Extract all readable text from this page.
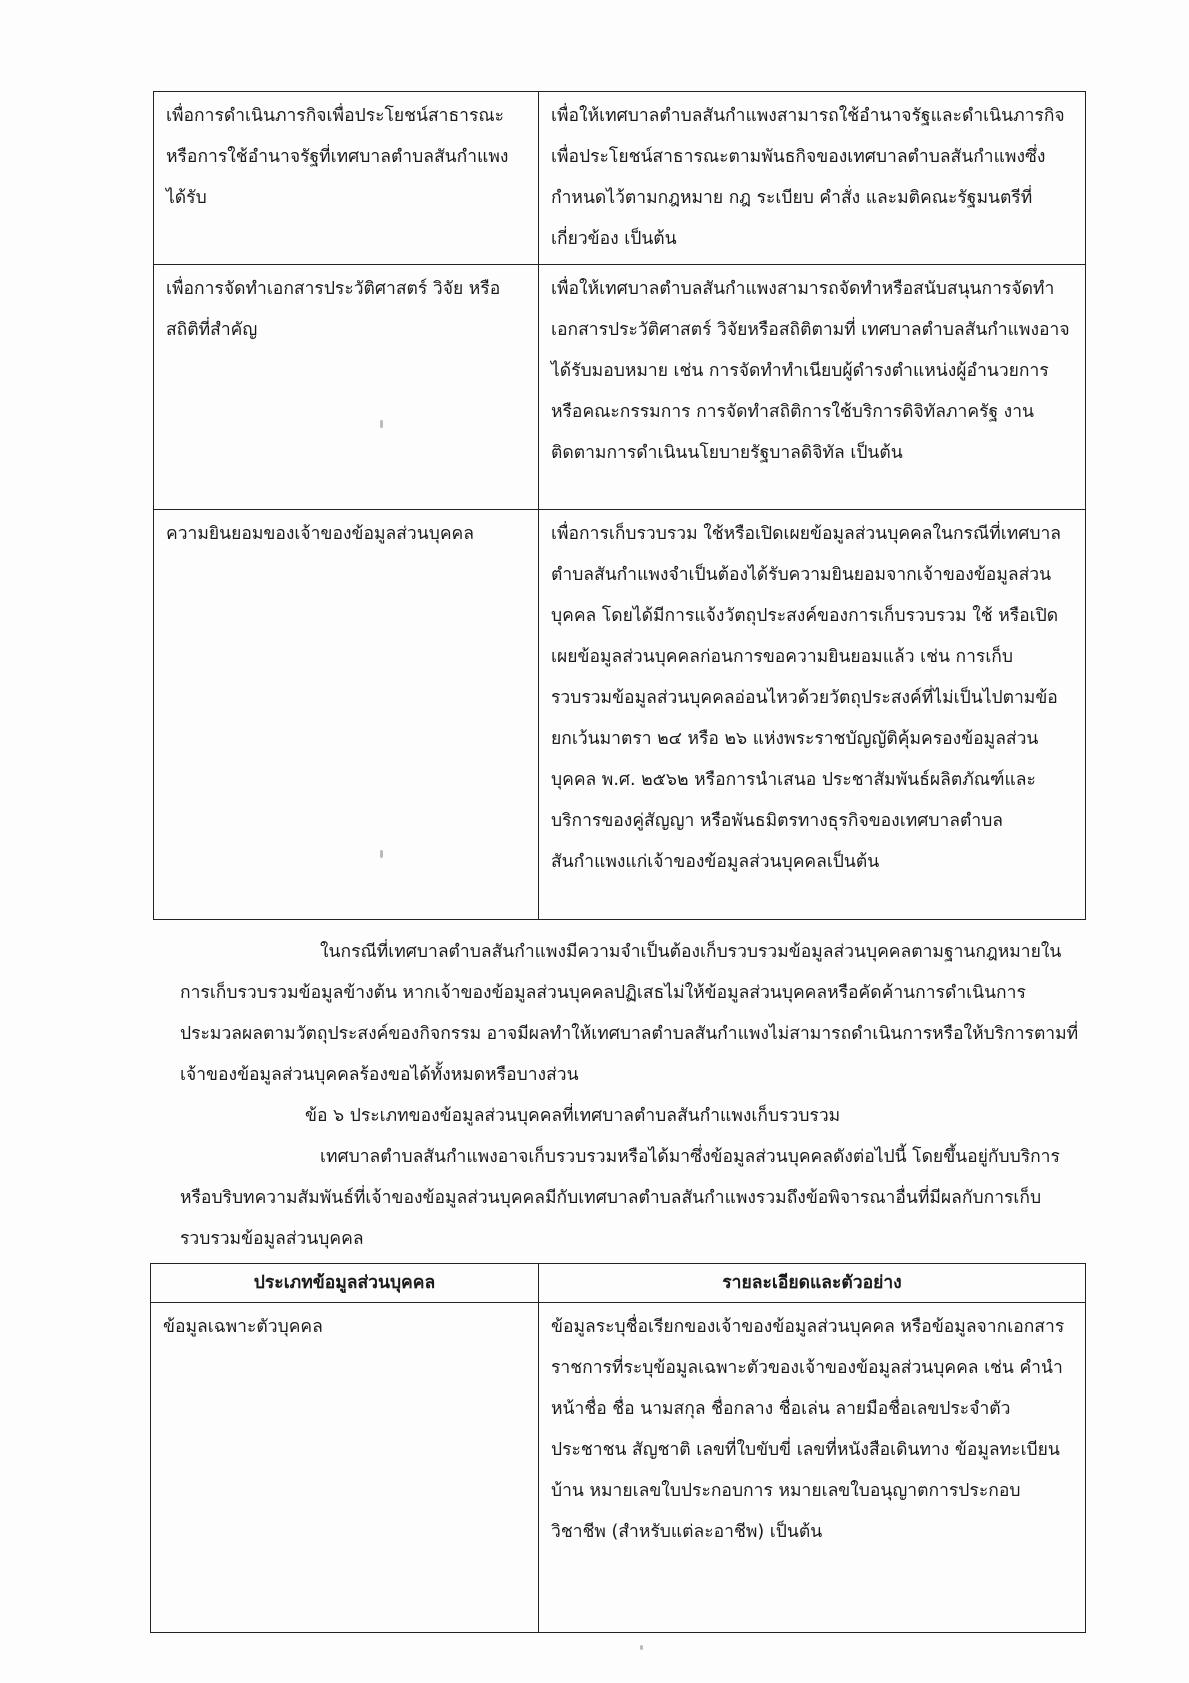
เพื่อการดำเนินภารกิจเพื่อประโยชน์สาธารณะ หรือการใช้อำนาจรัฐที่เทศบาลตำบลสันกำแพงได้รับ	เพื่อให้เทศบาลตำบลสันกำแพงสามารถใช้อำนาจรัฐและดำเนินภารกิจเพื่อประโยชน์สาธารณะตามพันธกิจของเทศบาลตำบลสันกำแพงซึ่งกำหนดไว้ตามกฎหมาย กฎ ระเบียบ คำสั่ง และมติคณะรัฐมนตรีที่เกี่ยวข้อง เป็นต้น
เพื่อการจัดทำเอกสารประวัติศาสตร์ วิจัย หรือสถิติที่สำคัญ	เพื่อให้เทศบาลตำบลสันกำแพงสามารถจัดทำหรือสนับสนุนการจัดทำเอกสารประวัติศาสตร์ วิจัยหรือสถิติตามที่ เทศบาลตำบลสันกำแพงอาจได้รับมอบหมาย เช่น การจัดทำทำเนียบผู้ดำรงตำแหน่งผู้อำนวยการ หรือคณะกรรมการ การจัดทำสถิติการใช้บริการดิจิทัลภาครัฐ งานติดตามการดำเนินนโยบายรัฐบาลดิจิทัล เป็นต้น
ความยินยอมของเจ้าของข้อมูลส่วนบุคคล	เพื่อการเก็บรวบรวม ใช้หรือเปิดเผยข้อมูลส่วนบุคคลในกรณีที่เทศบาลตำบลสันกำแพงจำเป็นต้องได้รับความยินยอมจากเจ้าของข้อมูลส่วนบุคคล โดยได้มีการแจ้งวัตถุประสงค์ของการเก็บรวบรวม ใช้ หรือเปิดเผยข้อมูลส่วนบุคคลก่อนการขอความยินยอมแล้ว เช่น การเก็บรวบรวมข้อมูลส่วนบุคคลอ่อนไหวด้วยวัตถุประสงค์ที่ไม่เป็นไปตามข้อยกเว้นมาตรา ๒๔ หรือ ๒๖ แห่งพระราชบัญญัติคุ้มครองข้อมูลส่วนบุคคล พ.ศ. ๒๕๖๒ หรือการนำเสนอ ประชาสัมพันธ์ผลิตภัณฑ์และบริการของคู่สัญญา หรือพันธมิตรทางธุรกิจของเทศบาลตำบลสันกำแพงแก่เจ้าของข้อมูลส่วนบุคคลเป็นต้น

ในกรณีที่เทศบาลตำบลสันกำแพงมีความจำเป็นต้องเก็บรวบรวมข้อมูลส่วนบุคคลตามฐานกฎหมายในการเก็บรวบรวมข้อมูลข้างต้น หากเจ้าของข้อมูลส่วนบุคคลปฏิเสธไม่ให้ข้อมูลส่วนบุคคลหรือคัดค้านการดำเนินการประมวลผลตามวัตถุประสงค์ของกิจกรรม อาจมีผลทำให้เทศบาลตำบลสันกำแพงไม่สามารถดำเนินการหรือให้บริการตามที่เจ้าของข้อมูลส่วนบุคคลร้องขอได้ทั้งหมดหรือบางส่วน

ข้อ ๖ ประเภทของข้อมูลส่วนบุคคลที่เทศบาลตำบลสันกำแพงเก็บรวบรวม

เทศบาลตำบลสันกำแพงอาจเก็บรวบรวมหรือได้มาซึ่งข้อมูลส่วนบุคคลดังต่อไปนี้ โดยขึ้นอยู่กับบริการหรือบริบทความสัมพันธ์ที่เจ้าของข้อมูลส่วนบุคคลมีกับเทศบาลตำบลสันกำแพงรวมถึงข้อพิจารณาอื่นที่มีผลกับการเก็บรวบรวมข้อมูลส่วนบุคคล

ประเภทข้อมูลส่วนบุคคล	รายละเอียดและตัวอย่าง
ข้อมูลเฉพาะตัวบุคคล	ข้อมูลระบุชื่อเรียกของเจ้าของข้อมูลส่วนบุคคล หรือข้อมูลจากเอกสารราชการที่ระบุข้อมูลเฉพาะตัวของเจ้าของข้อมูลส่วนบุคคล เช่น คำนำหน้าชื่อ ชื่อ นามสกุล ชื่อกลาง ชื่อเล่น ลายมือชื่อเลขประจำตัวประชาชน สัญชาติ เลขที่ใบขับขี่ เลขที่หนังสือเดินทาง ข้อมูลทะเบียนบ้าน หมายเลขใบประกอบการ หมายเลขใบอนุญาตการประกอบวิชาชีพ (สำหรับแต่ละอาชีพ) เป็นต้น
